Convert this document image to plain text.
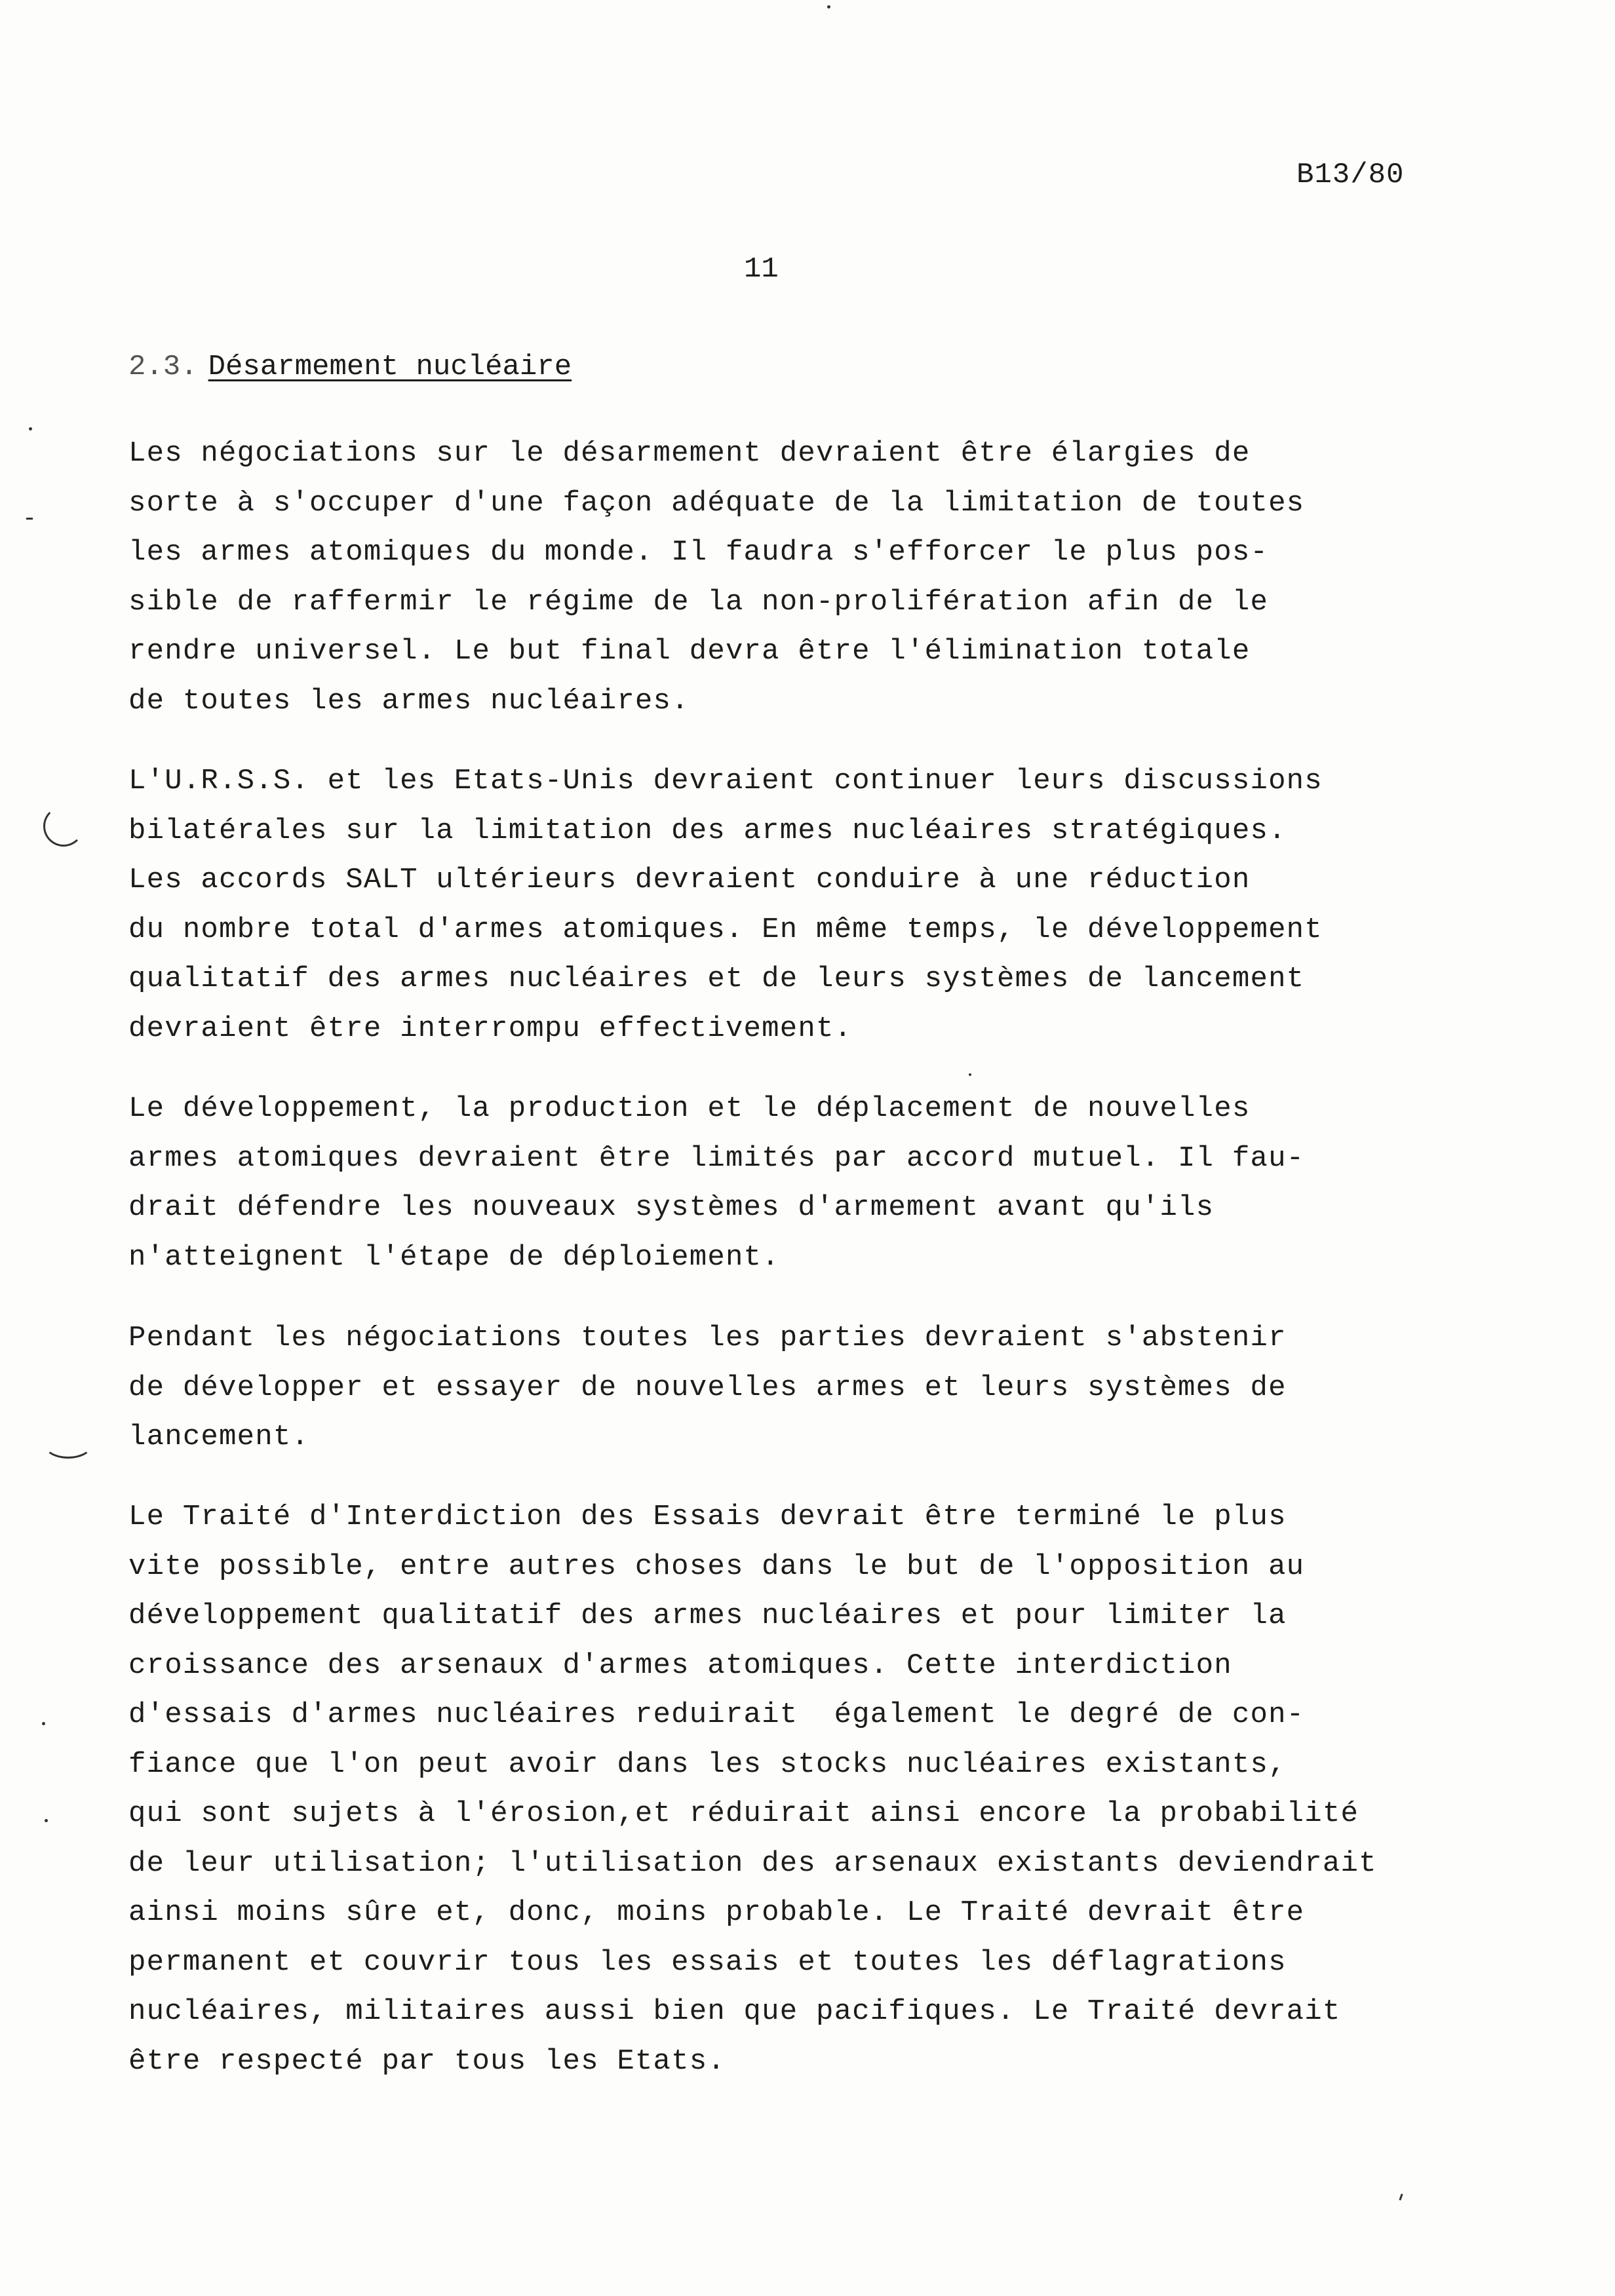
B13/80
11
2.3. Désarmement nucléaire
Les négociations sur le désarmement devraient être élargies de
sorte à s'occuper d'une façon adéquate de la limitation de toutes
les armes atomiques du monde. Il faudra s'efforcer le plus pos-
sible de raffermir le régime de la non-prolifération afin de le
rendre universel. Le but final devra être l'élimination totale
de toutes les armes nucléaires.
L'U.R.S.S. et les Etats-Unis devraient continuer leurs discussions
bilatérales sur la limitation des armes nucléaires stratégiques.
Les accords SALT ultérieurs devraient conduire à une réduction
du nombre total d'armes atomiques. En même temps, le développement
qualitatif des armes nucléaires et de leurs systèmes de lancement
devraient être interrompu effectivement.
Le développement, la production et le déplacement de nouvelles
armes atomiques devraient être limités par accord mutuel. Il fau-
drait défendre les nouveaux systèmes d'armement avant qu'ils
n'atteignent l'étape de déploiement.
Pendant les négociations toutes les parties devraient s'abstenir
de développer et essayer de nouvelles armes et leurs systèmes de
lancement.
Le Traité d'Interdiction des Essais devrait être terminé le plus
vite possible, entre autres choses dans le but de l'opposition au
développement qualitatif des armes nucléaires et pour limiter la
croissance des arsenaux d'armes atomiques. Cette interdiction
d'essais d'armes nucléaires reduirait  également le degré de con-
fiance que l'on peut avoir dans les stocks nucléaires existants,
qui sont sujets à l'érosion,et réduirait ainsi encore la probabilité
de leur utilisation; l'utilisation des arsenaux existants deviendrait
ainsi moins sûre et, donc, moins probable. Le Traité devrait être
permanent et couvrir tous les essais et toutes les déflagrations
nucléaires, militaires aussi bien que pacifiques. Le Traité devrait
être respecté par tous les Etats.
